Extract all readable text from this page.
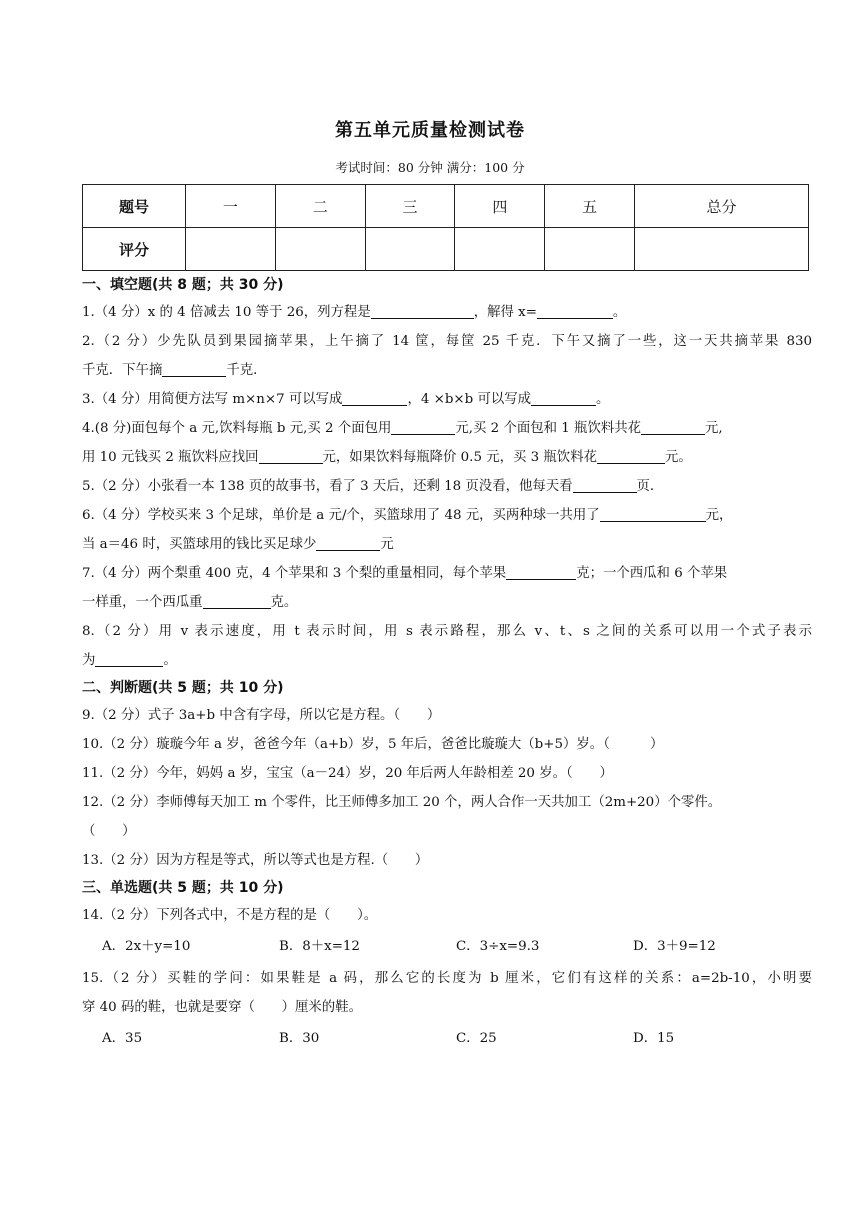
第五单元质量检测试卷
考试时间：80 分钟 满分：100 分
题号	一	二	三	四	五	总分
评分						
一、填空题(共 8 题；共 30 分)
1.（4 分）x 的 4 倍减去 10 等于 26，列方程是	，解得 x=	。
2.（2 分）少先队员到果园摘苹果，上午摘了 14 筐，每筐 25 千克．下午又摘了一些，这一天共摘苹果 830
千克．下午摘	千克．
3.（4 分）用简便方法写 m×n×7 可以写成	，4 ×b×b 可以写成	。
4.(8 分)面包每个 a 元,饮料每瓶 b 元,买 2 个面包用	元,买 2 个面包和 1 瓶饮料共花	元,
用 10 元钱买 2 瓶饮料应找回	元，如果饮料每瓶降价 0.5 元，买 3 瓶饮料花	元。
5.（2 分）小张看一本 138 页的故事书，看了 3 天后，还剩 18 页没看，他每天看	页．
6.（4 分）学校买来 3 个足球，单价是 a 元/个，买篮球用了 48 元，买两种球一共用了	元，
当 a＝46 时，买篮球用的钱比买足球少	元
7.（4 分）两个梨重 400 克，4 个苹果和 3 个梨的重量相同，每个苹果	克；一个西瓜和 6 个苹果
一样重，一个西瓜重	克。
8.（2 分）用 v 表示速度，用 t 表示时间，用 s 表示路程，那么 v、t、s 之间的关系可以用一个式子表示
为	。
二、判断题(共 5 题；共 10 分)
9.（2 分）式子 3a+b 中含有字母，所以它是方程。（　　）
10.（2 分）璇璇今年 a 岁，爸爸今年（a+b）岁，5 年后，爸爸比璇璇大（b+5）岁。（　　　）
11.（2 分）今年，妈妈 a 岁，宝宝（a－24）岁，20 年后两人年龄相差 20 岁。（　　）
12.（2 分）李师傅每天加工 m 个零件，比王师傅多加工 20 个，两人合作一天共加工（2m+20）个零件。
（　　）
13.（2 分）因为方程是等式，所以等式也是方程.（　　）
三、单选题(共 5 题；共 10 分)
14.（2 分）下列各式中，不是方程的是（　　）。
A．2x＋y=10	B．8＋x=12	C．3÷x=9.3	D．3＋9=12
15.（2 分）买鞋的学问：如果鞋是 a 码，那么它的长度为 b 厘米，它们有这样的关系：a=2b-10，小明要
穿 40 码的鞋，也就是要穿（　　）厘米的鞋。
A．35	B．30	C．25	D．15
